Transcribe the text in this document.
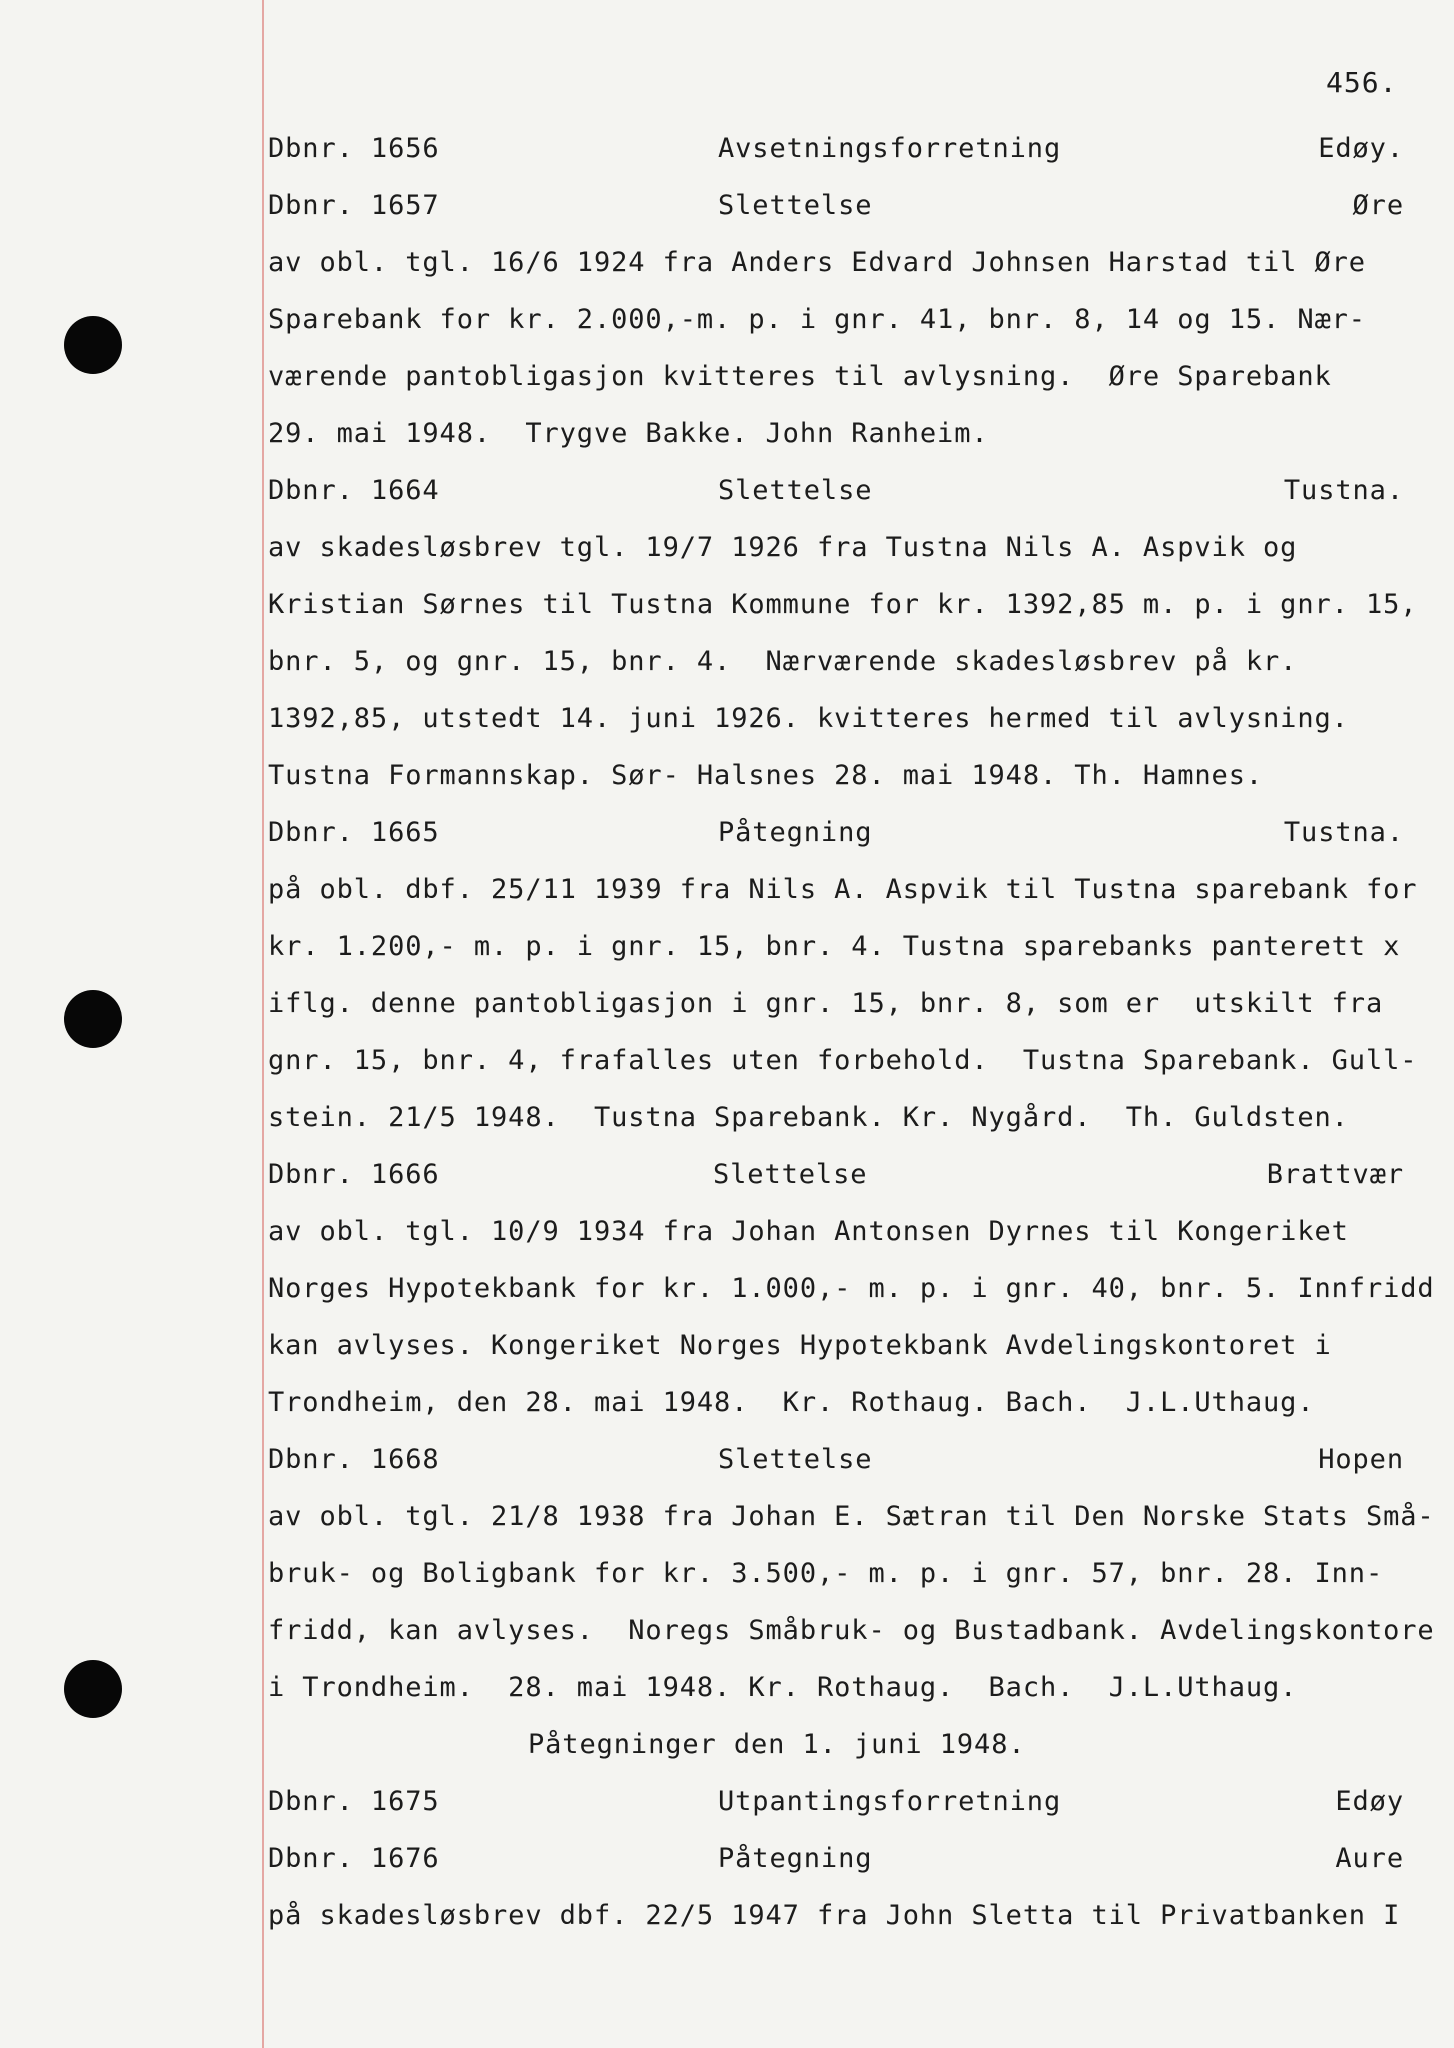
456.
Dbnr. 1656	Avsetningsforretning	Edøy.
Dbnr. 1657	Slettelse	Øre
av obl. tgl. 16/6 1924 fra Anders Edvard Johnsen Harstad til Øre
Sparebank for kr. 2.000,-m. p. i gnr. 41, bnr. 8, 14 og 15. Nær-
værende pantobligasjon kvitteres til avlysning.  Øre Sparebank
29. mai 1948.  Trygve Bakke. John Ranheim.
Dbnr. 1664	Slettelse	Tustna.
av skadesløsbrev tgl. 19/7 1926 fra Tustna Nils A. Aspvik og
Kristian Sørnes til Tustna Kommune for kr. 1392,85 m. p. i gnr. 15,
bnr. 5, og gnr. 15, bnr. 4.  Nærværende skadesløsbrev på kr.
1392,85, utstedt 14. juni 1926. kvitteres hermed til avlysning.
Tustna Formannskap. Sør- Halsnes 28. mai 1948. Th. Hamnes.
Dbnr. 1665	Påtegning	Tustna.
på obl. dbf. 25/11 1939 fra Nils A. Aspvik til Tustna sparebank for
kr. 1.200,- m. p. i gnr. 15, bnr. 4. Tustna sparebanks panterett x
iflg. denne pantobligasjon i gnr. 15, bnr. 8, som er  utskilt fra
gnr. 15, bnr. 4, frafalles uten forbehold.  Tustna Sparebank. Gull-
stein. 21/5 1948.  Tustna Sparebank. Kr. Nygård.  Th. Guldsten.
Dbnr. 1666	Slettelse	Brattvær
av obl. tgl. 10/9 1934 fra Johan Antonsen Dyrnes til Kongeriket
Norges Hypotekbank for kr. 1.000,- m. p. i gnr. 40, bnr. 5. Innfridd
kan avlyses. Kongeriket Norges Hypotekbank Avdelingskontoret i
Trondheim, den 28. mai 1948.  Kr. Rothaug. Bach.  J.L.Uthaug.
Dbnr. 1668	Slettelse	Hopen
av obl. tgl. 21/8 1938 fra Johan E. Sætran til Den Norske Stats Små-
bruk- og Boligbank for kr. 3.500,- m. p. i gnr. 57, bnr. 28. Inn-
fridd, kan avlyses.  Noregs Småbruk- og Bustadbank. Avdelingskontore
i Trondheim.  28. mai 1948. Kr. Rothaug.  Bach.  J.L.Uthaug.
Påtegninger den 1. juni 1948.
Dbnr. 1675	Utpantingsforretning	Edøy
Dbnr. 1676	Påtegning	Aure
på skadesløsbrev dbf. 22/5 1947 fra John Sletta til Privatbanken I
